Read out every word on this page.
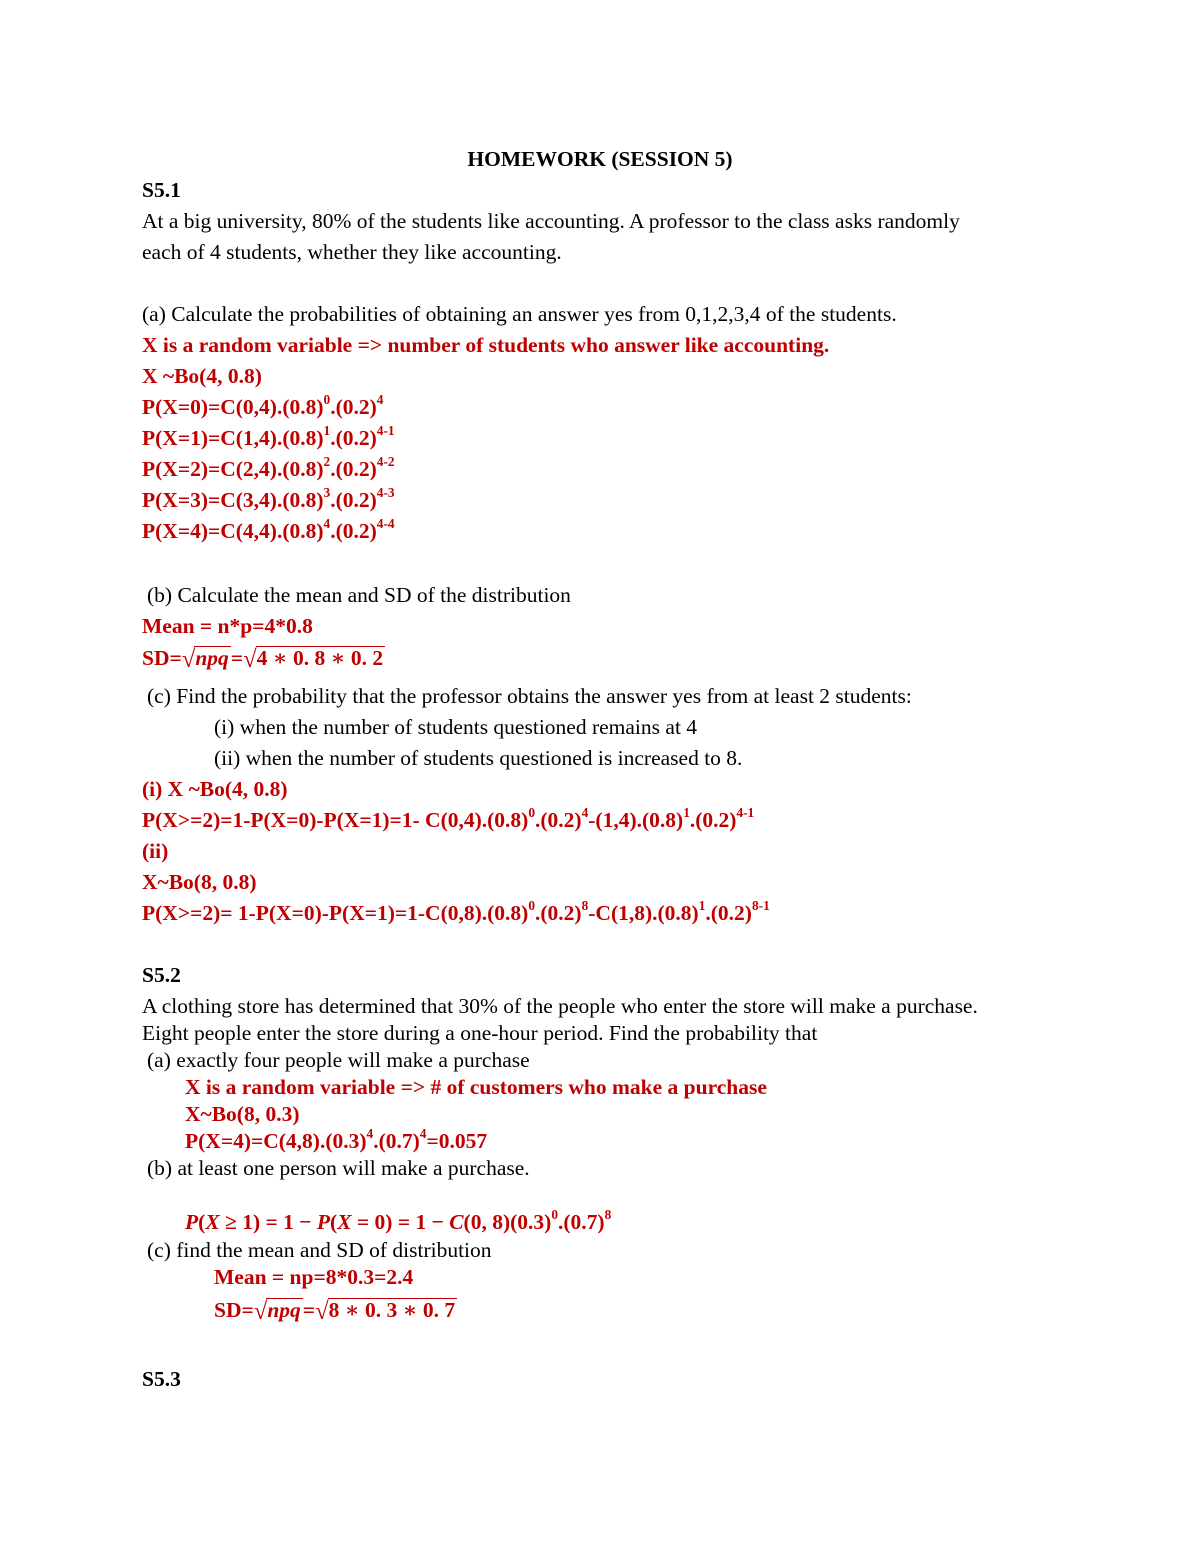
HOMEWORK (SESSION 5)
S5.1
At a big university, 80% of the students like accounting. A professor to the class asks randomly
each of 4 students, whether they like accounting.
(a) Calculate the probabilities of obtaining an answer yes from 0,1,2,3,4 of the students.
X is a random variable => number of students who answer like accounting.
X ~Bo(4, 0.8)
$P(X=0)=C(0,4).(0.8)^0.(0.2)^4$
$P(X=1)=C(1,4).(0.8)^1.(0.2)^{4-1}$
$P(X=2)=C(2,4).(0.8)^2.(0.2)^{4-2}$
$P(X=3)=C(3,4).(0.8)^3.(0.2)^{4-3}$
$P(X=4)=C(4,4).(0.8)^4.(0.2)^{4-4}$
(b) Calculate the mean and SD of the distribution
Mean = n*p=4*0.8
SD=√npq=√4 ∗ 0. 8 ∗ 0. 2
(c) Find the probability that the professor obtains the answer yes from at least 2 students:
(i) when the number of students questioned remains at 4
(ii) when the number of students questioned is increased to 8.
(i) X ~Bo(4, 0.8)
P(X>=2)=1-P(X=0)-P(X=1)=1- $C(0,4).(0.8)^0.(0.2)^4-(1,4).(0.8)^1.(0.2)^{4-1}$
(ii)
X~Bo(8, 0.8)
$P(X>=2)= 1-P(X=0)-P(X=1)=1-C(0,8).(0.8)^0.(0.2)^8-C(1,8).(0.8)^1.(0.2)^{8-1}$
S5.2
A clothing store has determined that 30% of the people who enter the store will make a purchase.
Eight people enter the store during a one-hour period. Find the probability that
(a) exactly four people will make a purchase
X is a random variable => # of customers who make a purchase
X~Bo(8, 0.3)
$P(X=4)=C(4,8).(0.3)^4.(0.7)^4=0.057$
(b) at least one person will make a purchase.
P(X ≥ 1) = 1 − P(X = 0) = 1 − C(0, $8)(0.3)^0.(0.7)^8$
(c) find the mean and SD of distribution
Mean = np=8*0.3=2.4
SD=√npq=√8 ∗ 0. 3 ∗ 0. 7
S5.3
